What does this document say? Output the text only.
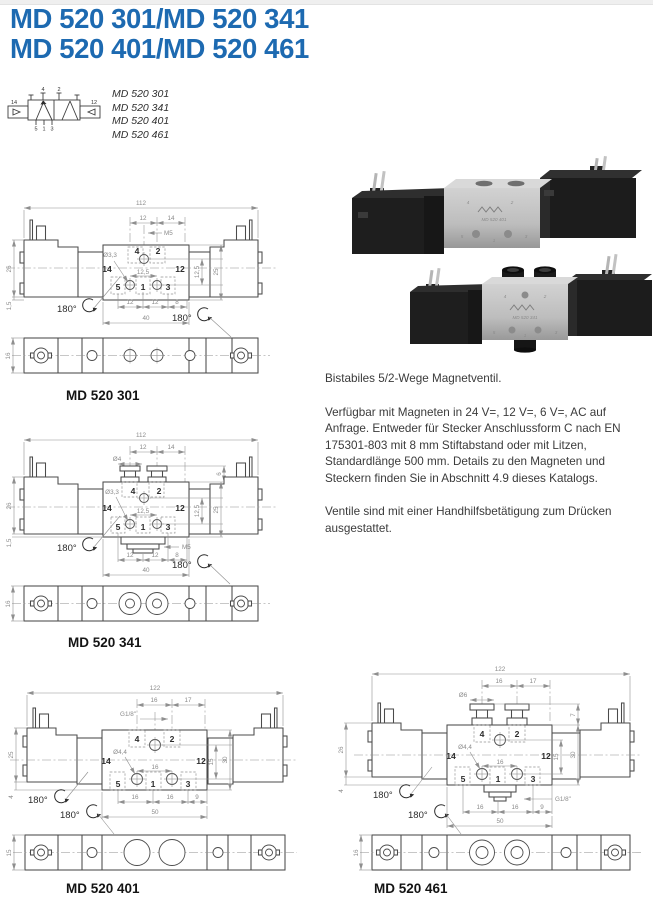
MD 520 301/MD 520 341
MD 520 401/MD 520 461
4 2
14	12
5 1 3
MD 520 301
MD 520 341
MD 520 401
MD 520 461
4	2
MD 520 401
5
1
3
4	2
MD 520 341
5
1
3

Bistabiles 5/2-Wege Magnetventil.

Verfügbar mit Magneten in 24 V=, 12 V=, 6 V=, AC auf Anfrage. Entweder für Stecker Anschlussform C nach EN 175301-803 mit 8 mm Stiftabstand oder mit Litzen, Standardlänge 500 mm. Details zu den Magneten und Steckern finden Sie in Abschnitt 4.9 dieses Katalogs.

Ventile sind mit einer Handhilfsbetätigung zum Drücken ausgestattet.

112
12	14
M5
Ø3,3
12,5	12,5 25
26
1,5	12	12	8
40
180°
180°
16
4 2
14	12
5 1 3
MD 520 301
112
12	14
Ø4
6
Ø3,3
12,5	12,5 25
26
1,5
M5
12	12	8
40
180°
180°
16
4 2
14	12
5 1 3
MD 520 341
122
16	17
G1/8"
Ø4,4
16
15 30
25
4	16	16	9
50
180°
180°
15
4	2
14	12
5	1	3
MD 520 401
122
16	17
Ø6
7
Ø4,4
16
15 30
26
4
G1/8"
16	16	9
50
180°
180°
16
4	2
14	12
5	1	3
MD 520 461
